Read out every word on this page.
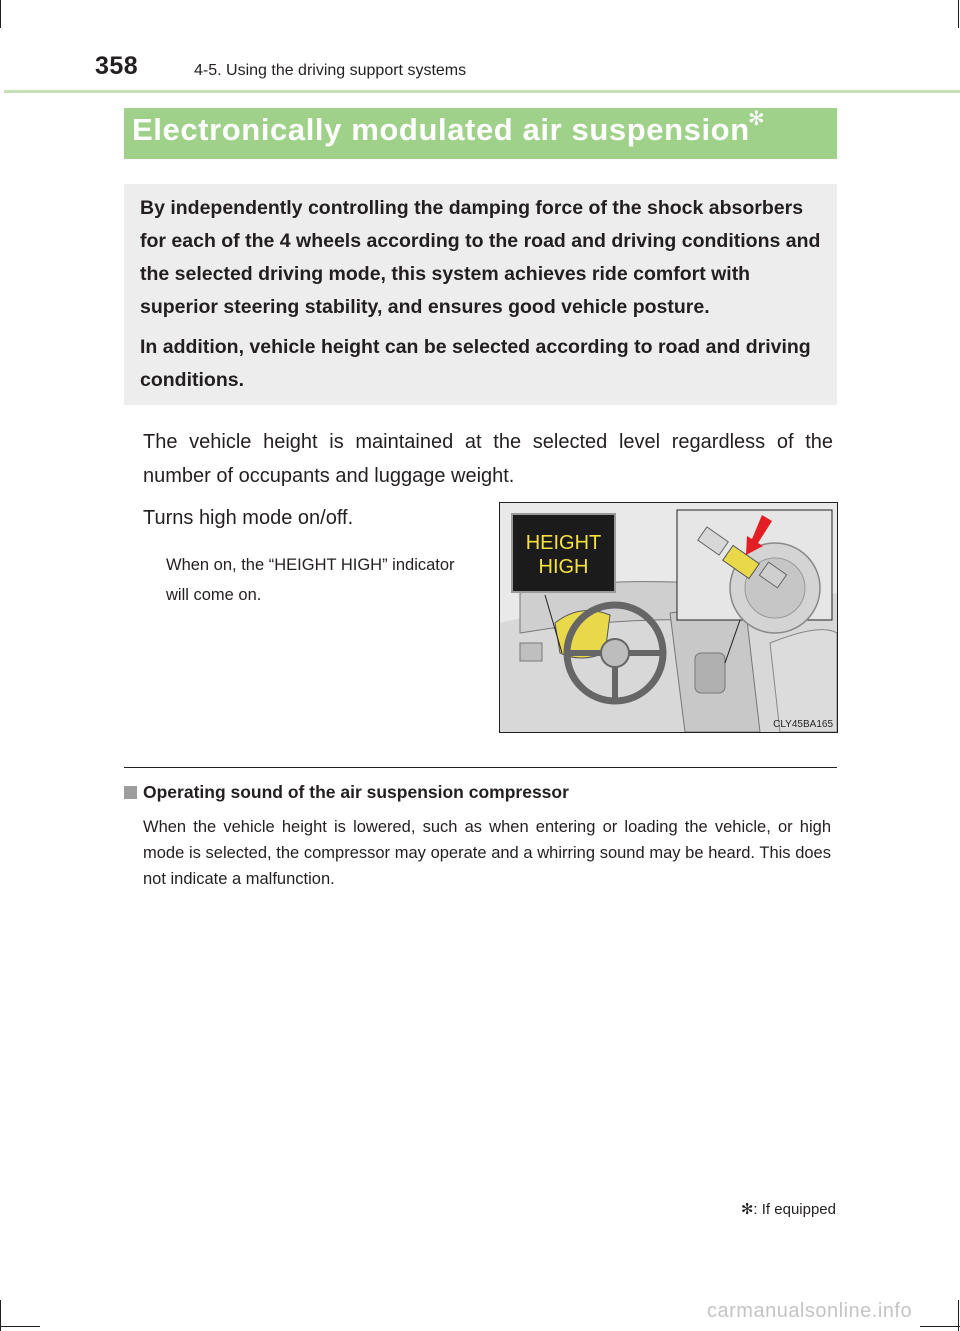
358	4-5. Using the driving support systems
Electronically modulated air suspension
✻

By independently controlling the damping force of the shock absorbers for each of the 4 wheels according to the road and driving conditions and the selected driving mode, this system achieves ride comfort with superior steering stability, and ensures good vehicle posture.

In addition, vehicle height can be selected according to road and driving conditions.

The vehicle height is maintained at the selected level regardless of the number of occupants and luggage weight.

Turns high mode on/off.

When on, the “HEIGHT HIGH” indicator will come on.

HEIGHT
HIGH
CLY45BA165
Operating sound of the air suspension compressor

When the vehicle height is lowered, such as when entering or loading the vehicle, or high mode is selected, the compressor may operate and a whirring sound may be heard. This does not indicate a malfunction.

✻: If equipped
carmanualsonline.info
